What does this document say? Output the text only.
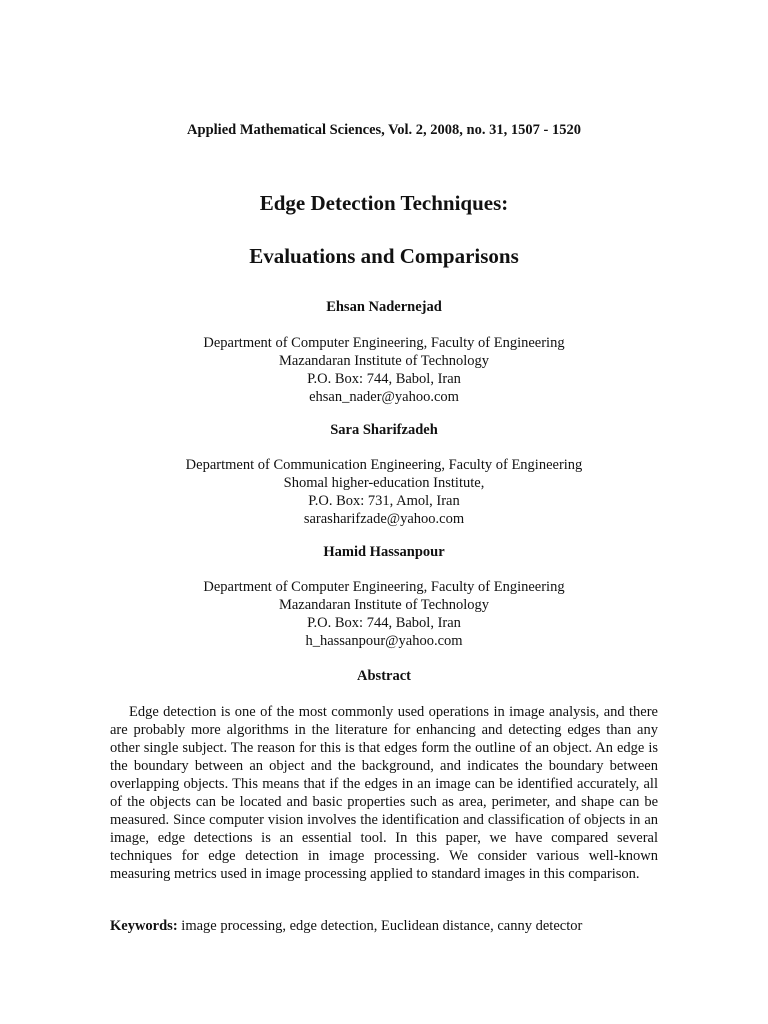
Applied Mathematical Sciences, Vol. 2, 2008, no. 31, 1507 - 1520
Edge Detection Techniques:
Evaluations and Comparisons
Ehsan Nadernejad
Department of Computer Engineering, Faculty of Engineering
Mazandaran Institute of Technology
P.O. Box: 744, Babol, Iran
ehsan_nader@yahoo.com
Sara Sharifzadeh
Department of Communication Engineering, Faculty of Engineering
Shomal higher-education Institute,
P.O. Box: 731, Amol, Iran
sarasharifzade@yahoo.com
Hamid Hassanpour
Department of Computer Engineering, Faculty of Engineering
Mazandaran Institute of Technology
P.O. Box: 744, Babol, Iran
h_hassanpour@yahoo.com
Abstract
Edge detection is one of the most commonly used operations in image analysis, and there are probably more algorithms in the literature for enhancing and detecting edges than any other single subject. The reason for this is that edges form the outline of an object. An edge is the boundary between an object and the background, and indicates the boundary between overlapping objects. This means that if the edges in an image can be identified accurately, all of the objects can be located and basic properties such as area, perimeter, and shape can be measured. Since computer vision involves the identification and classification of objects in an image, edge detections is an essential tool. In this paper, we have compared several techniques for edge detection in image processing. We consider various well-known measuring metrics used in image processing applied to standard images in this comparison.
Keywords: image processing, edge detection, Euclidean distance, canny detector
